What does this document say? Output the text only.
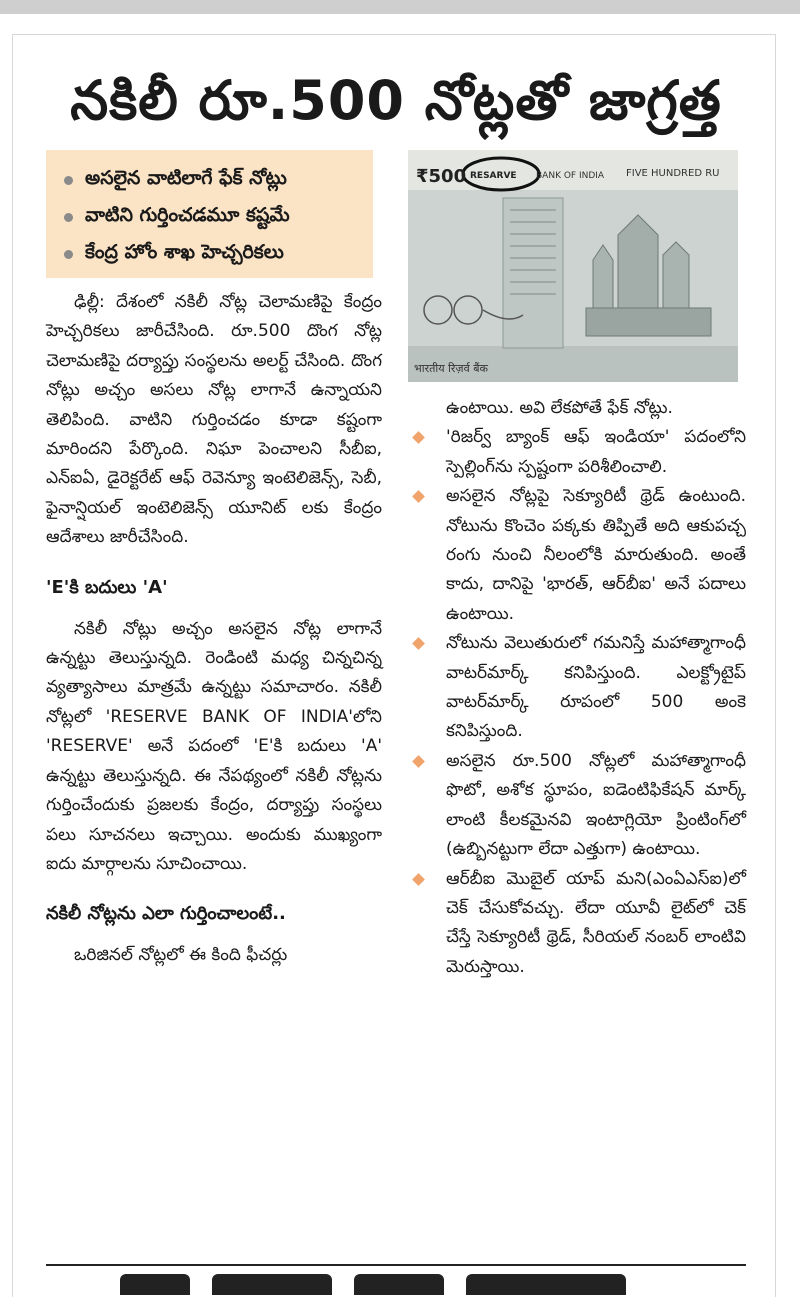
నకిలీ రూ.500 నోట్లతో జాగ్రత్త
అసలైన వాటిలాగే ఫేక్ నోట్లు
వాటిని గుర్తించడమూ కష్టమే
కేంద్ర హోం శాఖ హెచ్చరికలు
₹500 RESARVE BANK OF INDIA FIVE HUNDRED RU
भारतीय रिज़र्व बैंक

ఢిల్లీ: దేశంలో నకిలీ నోట్ల చెలామణిపై కేంద్రం హెచ్చరికలు జారీచేసింది. రూ.500 దొంగ నోట్ల చెలామణిపై దర్యాప్తు సంస్థలను అలర్ట్ చేసింది. దొంగ నోట్లు అచ్చం అసలు నోట్ల లాగానే ఉన్నాయని తెలిపింది. వాటిని గుర్తించడం కూడా కష్టంగా మారిందని పేర్కొంది. నిఘా పెంచాలని సీబీఐ, ఎన్ఐఏ, డైరెక్టరేట్ ఆఫ్ రెవెన్యూ ఇంటెలిజెన్స్, సెబీ, ఫైనాన్షియల్ ఇంటెలిజెన్స్ యూనిట్ లకు కేంద్రం ఆదేశాలు జారీచేసింది.

'E'కి బదులు 'A'

నకిలీ నోట్లు అచ్చం అసలైన నోట్ల లాగానే ఉన్నట్టు తెలుస్తున్నది. రెండింటి మధ్య చిన్నచిన్న వ్యత్యాసాలు మాత్రమే ఉన్నట్టు సమాచారం. నకిలీ నోట్లలో 'RESERVE BANK OF INDIA'లోని 'RESERVE' అనే పదంలో 'E'కి బదులు 'A' ఉన్నట్టు తెలుస్తున్నది. ఈ నేపథ్యంలో నకిలీ నోట్లను గుర్తించేందుకు ప్రజలకు కేంద్రం, దర్యాప్తు సంస్థలు పలు సూచనలు ఇచ్చాయి. అందుకు ముఖ్యంగా ఐదు మార్గాలను సూచించాయి.

నకిలీ నోట్లను ఎలా గుర్తించాలంటే..

ఒరిజినల్ నోట్లలో ఈ కింది ఫీచర్లు

ఉంటాయి. అవి లేకపోతే ఫేక్ నోట్లు.

'రిజర్వ్ బ్యాంక్ ఆఫ్ ఇండియా' పదంలోని స్పెల్లింగ్‌ను స్పష్టంగా పరిశీలించాలి.

అసలైన నోట్లపై సెక్యూరిటీ థ్రెడ్ ఉంటుంది. నోటును కొంచెం పక్కకు తిప్పితే అది ఆకుపచ్చ రంగు నుంచి నీలంలోకి మారుతుంది. అంతే కాదు, దానిపై 'భారత్, ఆర్‌బీఐ' అనే పదాలు ఉంటాయి.

నోటును వెలుతురులో గమనిస్తే మహాత్మాగాంధీ వాటర్‌మార్క్ కనిపిస్తుంది. ఎలక్ట్రోటైప్ వాటర్‌మార్క్ రూపంలో 500 అంకె కనిపిస్తుంది.

అసలైన రూ.500 నోట్లలో మహాత్మాగాంధీ ఫొటో, అశోక స్థూపం, ఐడెంటిఫికేషన్ మార్క్ లాంటి కీలకమైనవి ఇంటాగ్లియో ప్రింటింగ్‌లో (ఉబ్బినట్టుగా లేదా ఎత్తుగా) ఉంటాయి.

ఆర్‌బీఐ మొబైల్ యాప్ మని(ఎంఏఎస్ఐ)లో చెక్ చేసుకోవచ్చు. లేదా యూవీ లైట్‌లో చెక్ చేస్తే సెక్యూరిటీ థ్రెడ్, సీరియల్ నంబర్ లాంటివి మెరుస్తాయి.
